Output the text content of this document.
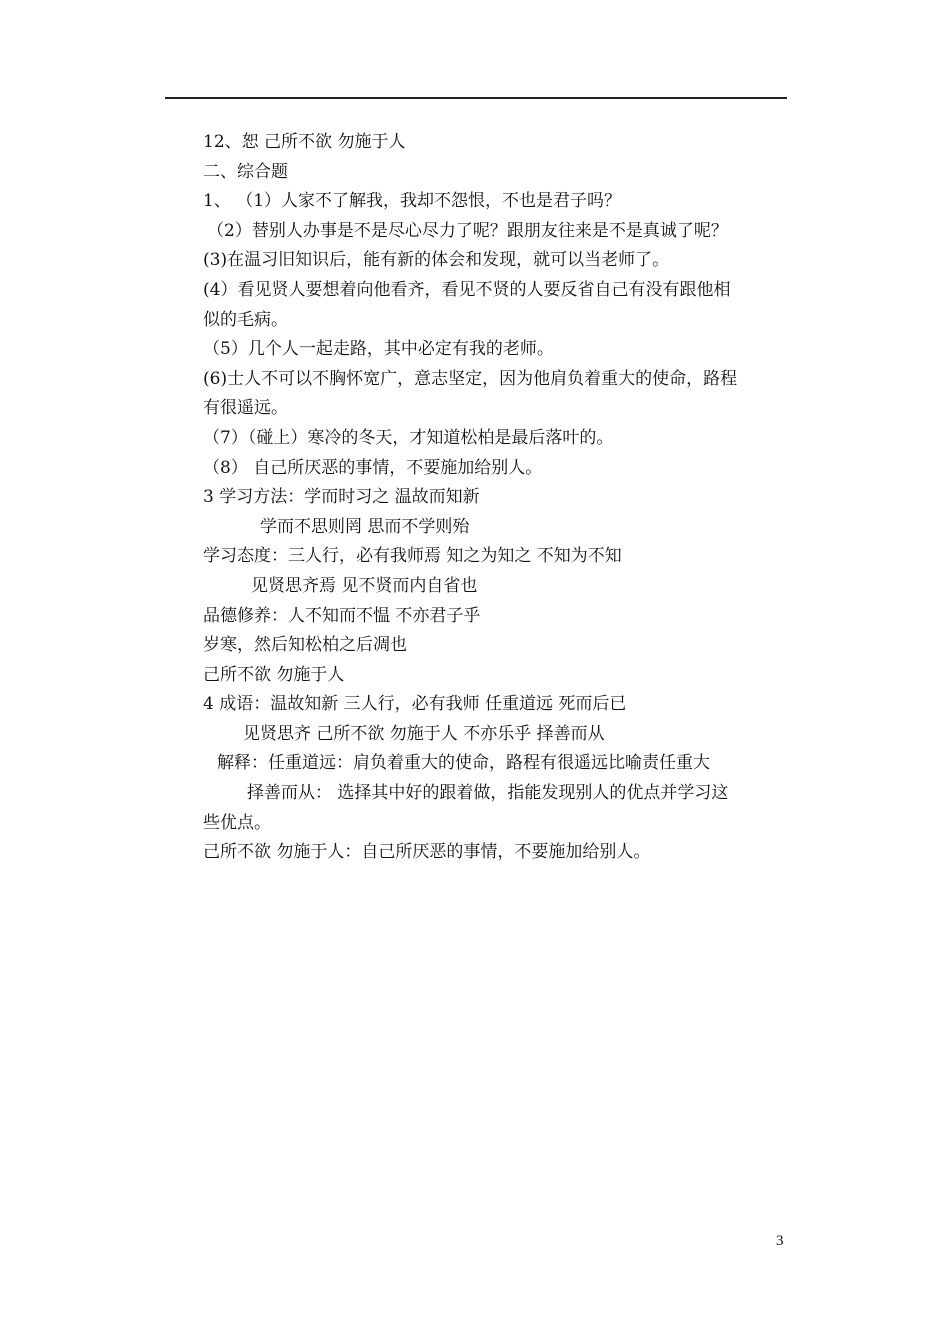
12、恕 己所不欲 勿施于人
二、综合题
1、 （1）人家不了解我，我却不怨恨，不也是君子吗？
（2）替别人办事是不是尽心尽力了呢？跟朋友往来是不是真诚了呢？
(3)在温习旧知识后，能有新的体会和发现，就可以当老师了。
(4）看见贤人要想着向他看齐，看见不贤的人要反省自己有没有跟他相
似的毛病。
（5）几个人一起走路，其中必定有我的老师。
(6)士人不可以不胸怀宽广，意志坚定，因为他肩负着重大的使命，路程
有很遥远。
（7）（碰上）寒冷的冬天，才知道松柏是最后落叶的。
（8） 自己所厌恶的事情，不要施加给别人。
3 学习方法：学而时习之 温故而知新
学而不思则罔 思而不学则殆
学习态度：三人行，必有我师焉 知之为知之 不知为不知
见贤思齐焉 见不贤而内自省也
品德修养：人不知而不愠 不亦君子乎
岁寒，然后知松柏之后凋也
己所不欲 勿施于人
4 成语：温故知新 三人行，必有我师 任重道远 死而后已
见贤思齐 己所不欲 勿施于人 不亦乐乎 择善而从
解释：任重道远：肩负着重大的使命，路程有很遥远比喻责任重大
择善而从： 选择其中好的跟着做，指能发现别人的优点并学习这
些优点。
己所不欲 勿施于人：自己所厌恶的事情，不要施加给别人。
3
